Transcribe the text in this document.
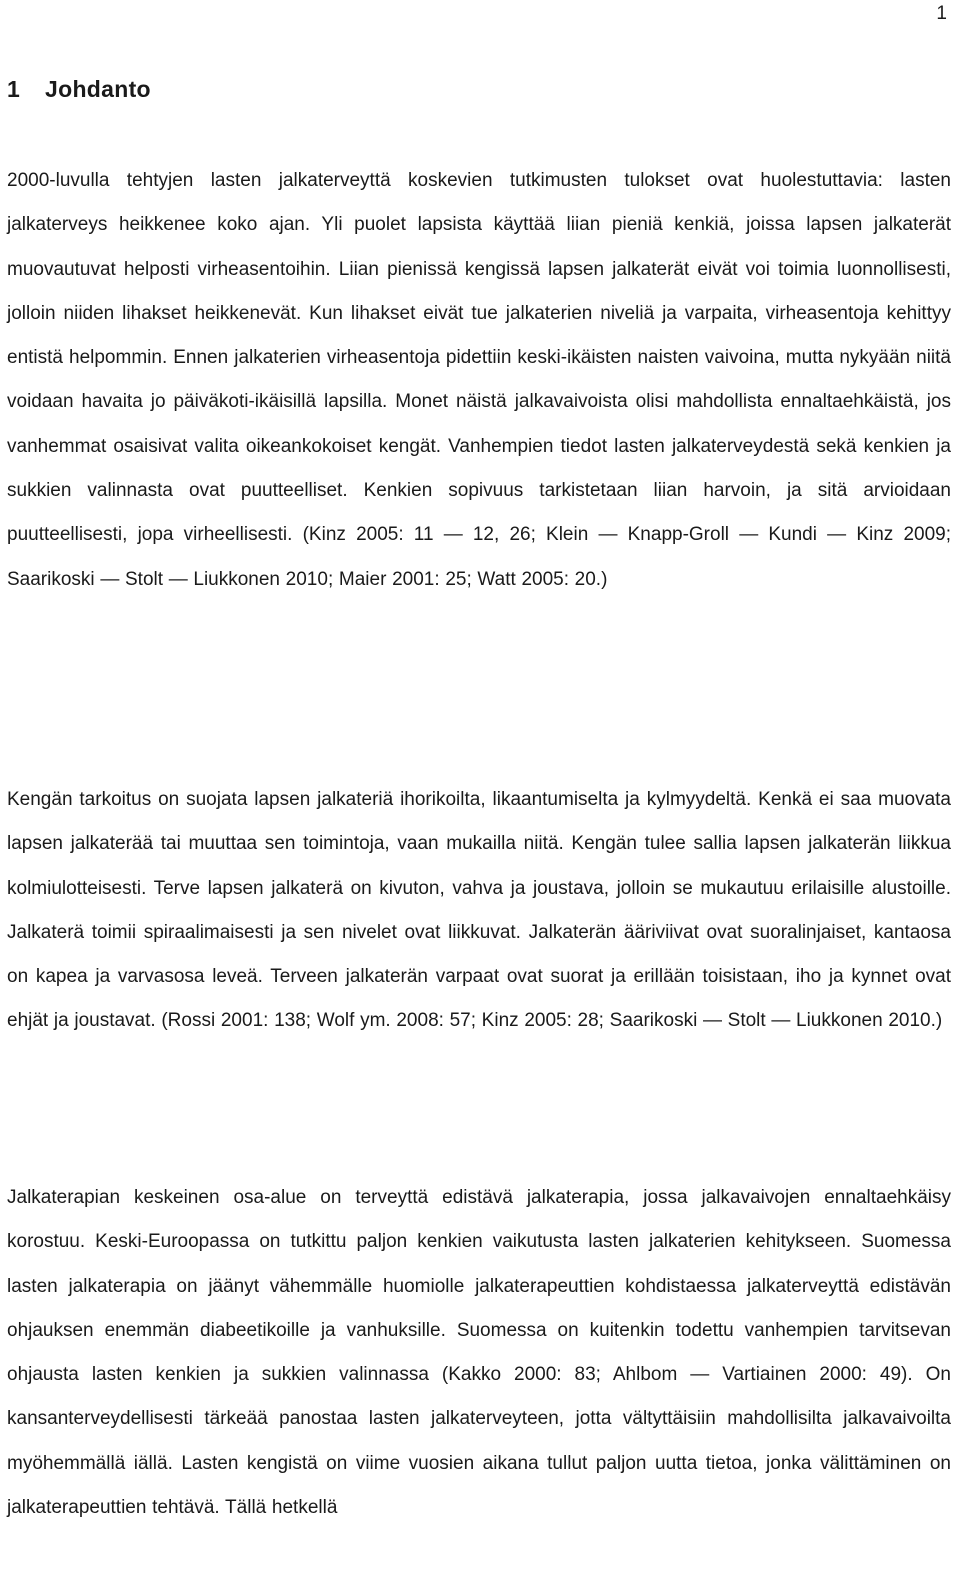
1
1 Johdanto

2000-luvulla tehtyjen lasten jalkaterveyttä koskevien tutkimusten tulokset ovat huolestuttavia: lasten jalkaterveys heikkenee koko ajan. Yli puolet lapsista käyttää liian pieniä kenkiä, joissa lapsen jalkaterät muovautuvat helposti virheasentoihin. Liian pienissä kengissä lapsen jalkaterät eivät voi toimia luonnollisesti, jolloin niiden lihakset heikkenevät. Kun lihakset eivät tue jalkaterien niveliä ja varpaita, virheasentoja kehittyy entistä helpommin. Ennen jalkaterien virheasentoja pidettiin keski-ikäisten naisten vaivoina, mutta nykyään niitä voidaan havaita jo päiväkoti-ikäisillä lapsilla. Monet näistä jalkavaivoista olisi mahdollista ennaltaehkäistä, jos vanhemmat osaisivat valita oikeankokoiset kengät. Vanhempien tiedot lasten jalkaterveydestä sekä kenkien ja sukkien valinnasta ovat puutteelliset. Kenkien sopivuus tarkistetaan liian harvoin, ja sitä arvioidaan puutteellisesti, jopa virheellisesti. (Kinz 2005: 11 — 12, 26; Klein — Knapp-Groll — Kundi — Kinz 2009; Saarikoski — Stolt — Liukkonen 2010; Maier 2001: 25; Watt 2005: 20.)

Kengän tarkoitus on suojata lapsen jalkateriä ihorikoilta, likaantumiselta ja kylmyydeltä. Kenkä ei saa muovata lapsen jalkaterää tai muuttaa sen toimintoja, vaan mukailla niitä. Kengän tulee sallia lapsen jalkaterän liikkua kolmiulotteisesti. Terve lapsen jalkaterä on kivuton, vahva ja joustava, jolloin se mukautuu erilaisille alustoille. Jalkaterä toimii spiraalimaisesti ja sen nivelet ovat liikkuvat. Jalkaterän ääriviivat ovat suoralinjaiset, kantaosa on kapea ja varvasosa leveä. Terveen jalkaterän varpaat ovat suorat ja erillään toisistaan, iho ja kynnet ovat ehjät ja joustavat. (Rossi 2001: 138; Wolf ym. 2008: 57; Kinz 2005: 28; Saarikoski — Stolt — Liukkonen 2010.)

Jalkaterapian keskeinen osa-alue on terveyttä edistävä jalkaterapia, jossa jalkavaivojen ennaltaehkäisy korostuu. Keski-Euroopassa on tutkittu paljon kenkien vaikutusta lasten jalkaterien kehitykseen. Suomessa lasten jalkaterapia on jäänyt vähemmälle huomiolle jalkaterapeuttien kohdistaessa jalkaterveyttä edistävän ohjauksen enemmän diabeetikoille ja vanhuksille. Suomessa on kuitenkin todettu vanhempien tarvitsevan ohjausta lasten kenkien ja sukkien valinnassa (Kakko 2000: 83; Ahlbom — Vartiainen 2000: 49). On kansanterveydellisesti tärkeää panostaa lasten jalkaterveyteen, jotta vältyttäisiin mahdollisilta jalkavaivoilta myöhemmällä iällä. Lasten kengistä on viime vuosien aikana tullut paljon uutta tietoa, jonka välittäminen on jalkaterapeuttien tehtävä. Tällä hetkellä
